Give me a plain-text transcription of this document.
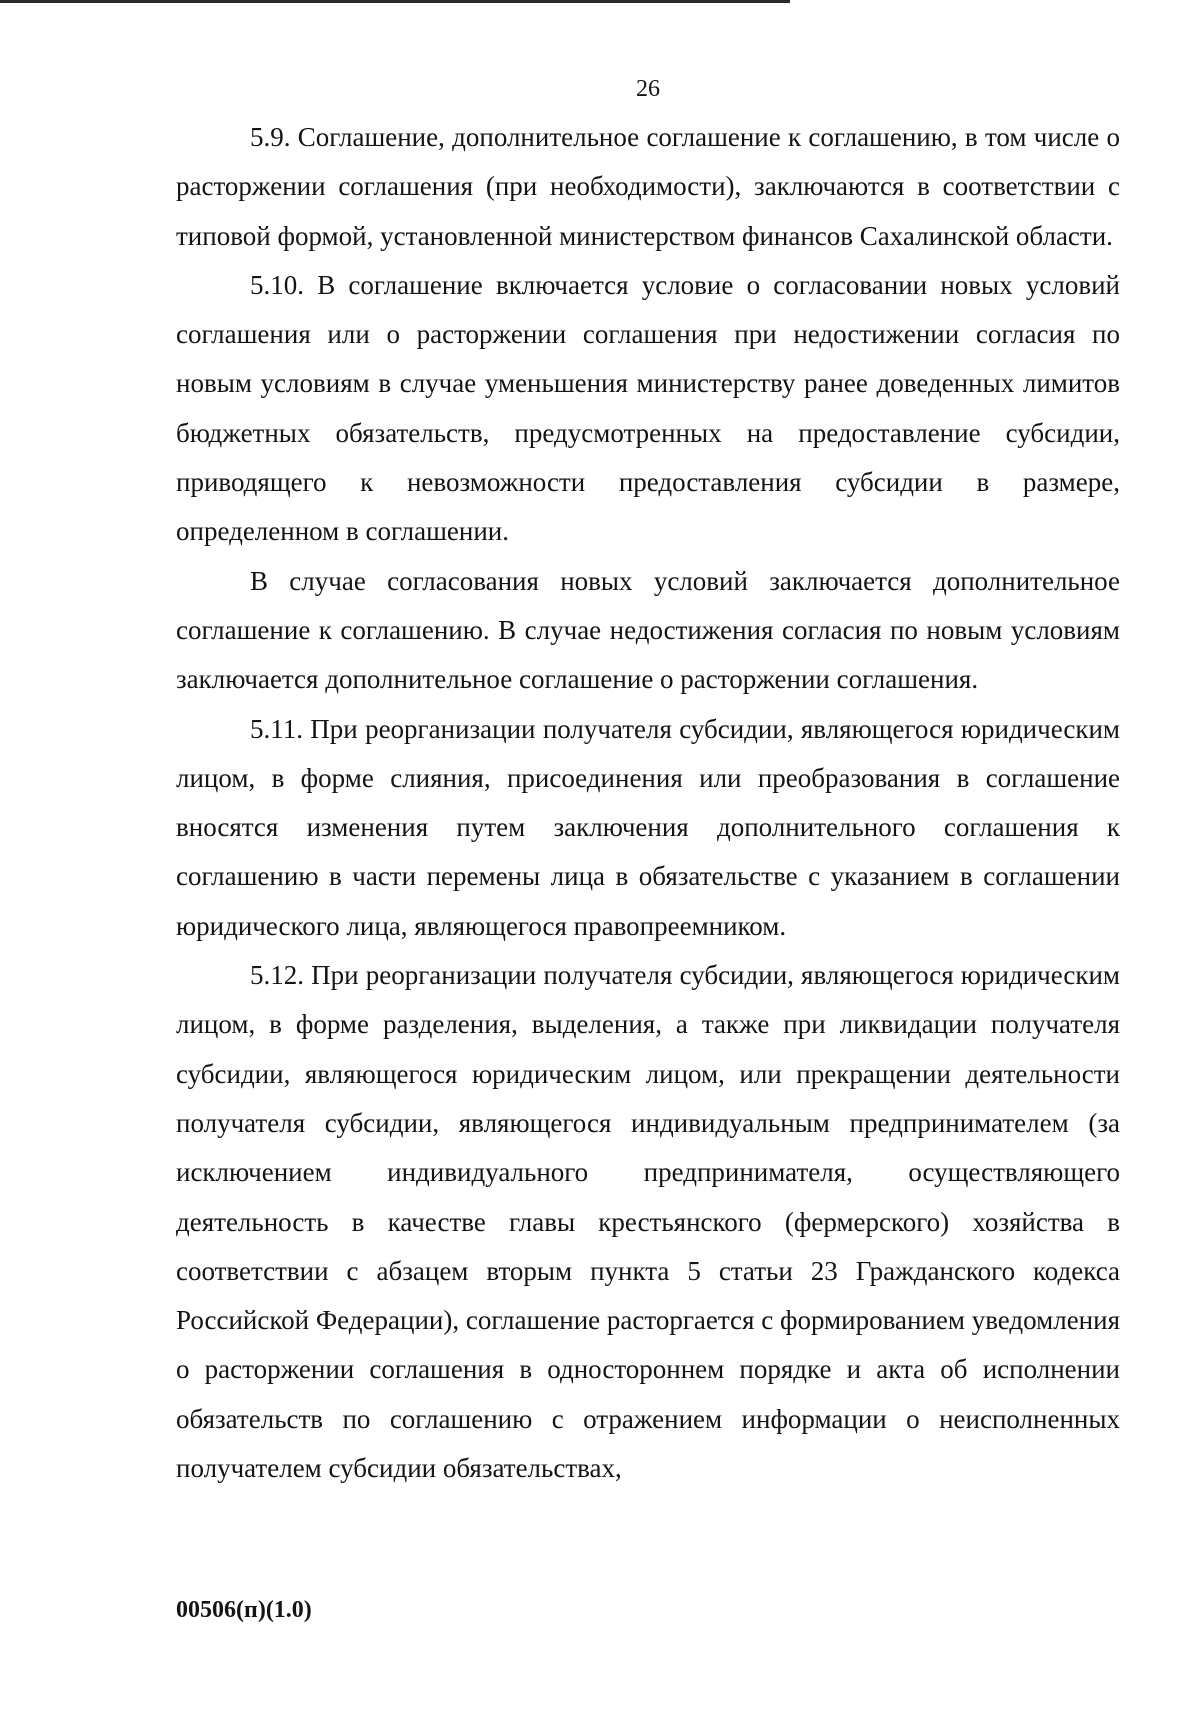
26

5.9. Соглашение, дополнительное соглашение к соглашению, в том числе о расторжении соглашения (при необходимости), заключаются в соответствии с типовой формой, установленной министерством финансов Сахалинской области.

5.10. В соглашение включается условие о согласовании новых условий соглашения или о расторжении соглашения при недостижении согласия по новым условиям в случае уменьшения министерству ранее доведенных лимитов бюджетных обязательств, предусмотренных на предоставление субсидии, приводящего к невозможности предоставления субсидии в размере, определенном в соглашении.

В случае согласования новых условий заключается дополнительное соглашение к соглашению. В случае недостижения согласия по новым условиям заключается дополнительное соглашение о расторжении соглашения.

5.11. При реорганизации получателя субсидии, являющегося юридическим лицом, в форме слияния, присоединения или преобразования в соглашение вносятся изменения путем заключения дополнительного соглашения к соглашению в части перемены лица в обязательстве с указанием в соглашении юридического лица, являющегося правопреемником.

5.12. При реорганизации получателя субсидии, являющегося юридическим лицом, в форме разделения, выделения, а также при ликвидации получателя субсидии, являющегося юридическим лицом, или прекращении деятельности получателя субсидии, являющегося индивидуальным предпринимателем (за исключением индивидуального предпринимателя, осуществляющего деятельность в качестве главы крестьянского (фермерского) хозяйства в соответствии с абзацем вторым пункта 5 статьи 23 Гражданского кодекса Российской Федерации), соглашение расторгается с формированием уведомления о расторжении соглашения в одностороннем порядке и акта об исполнении обязательств по соглашению с отражением информации о неисполненных получателем субсидии обязательствах,

00506(п)(1.0)
